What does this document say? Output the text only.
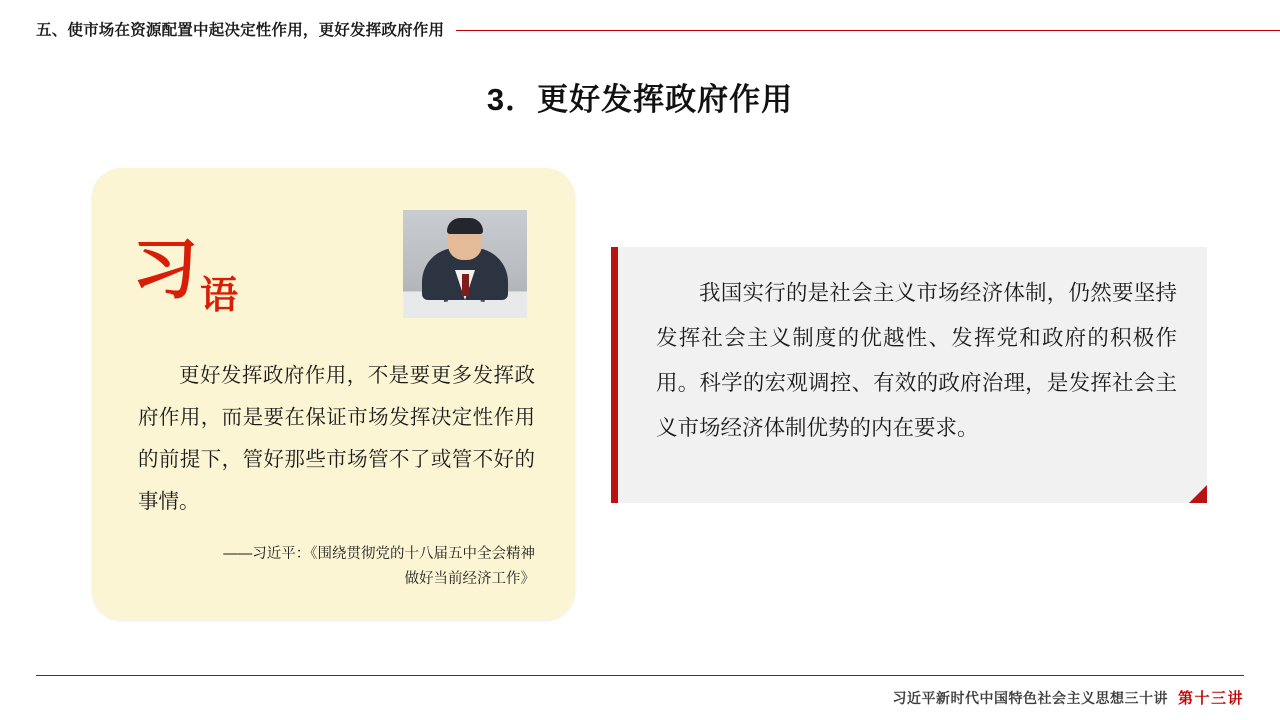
五、使市场在资源配置中起决定性作用，更好发挥政府作用
3．更好发挥政府作用
习 语
更好发挥政府作用，不是要更多发挥政府作用，而是要在保证市场发挥决定性作用的前提下，管好那些市场管不了或管不好的事情。
——习近平：《围绕贯彻党的十八届五中全会精神
做好当前经济工作》
我国实行的是社会主义市场经济体制，仍然要坚持发挥社会主义制度的优越性、发挥党和政府的积极作用。科学的宏观调控、有效的政府治理，是发挥社会主义市场经济体制优势的内在要求。
习近平新时代中国特色社会主义思想三十讲 第十三讲
